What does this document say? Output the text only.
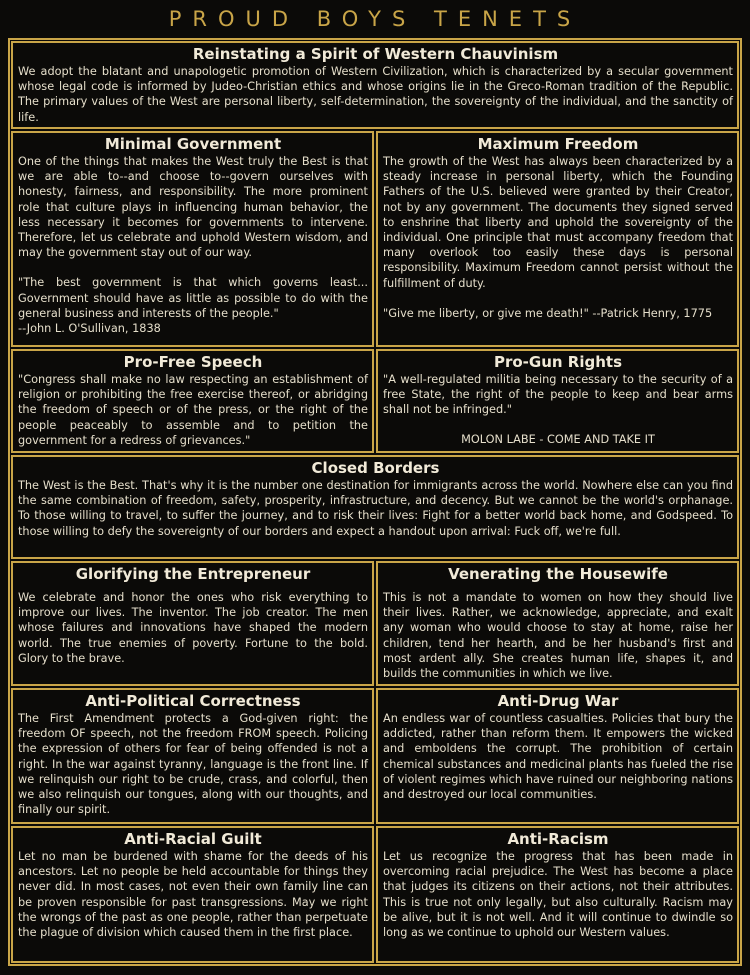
PROUD BOYS TENETS
Reinstating a Spirit of Western Chauvinism

We adopt the blatant and unapologetic promotion of Western Civilization, which is characterized by a secular government whose legal code is informed by Judeo-Christian ethics and whose origins lie in the Greco-Roman tradition of the Republic. The primary values of the West are personal liberty, self-determination, the sovereignty of the individual, and the sanctity of life.

Minimal Government

One of the things that makes the West truly the Best is that we are able to--and choose to--govern ourselves with honesty, fairness, and responsibility. The more prominent role that culture plays in influencing human behavior, the less necessary it becomes for governments to intervene. Therefore, let us celebrate and uphold Western wisdom, and may the government stay out of our way.

"The best government is that which governs least... Government should have as little as possible to do with the general business and interests of the people."

--John L. O'Sullivan, 1838

Maximum Freedom

The growth of the West has always been characterized by a steady increase in personal liberty, which the Founding Fathers of the U.S. believed were granted by their Creator, not by any government. The documents they signed served to enshrine that liberty and uphold the sovereignty of the individual. One principle that must accompany freedom that many overlook too easily these days is personal responsibility. Maximum Freedom cannot persist without the fulfillment of duty.

"Give me liberty, or give me death!" --Patrick Henry, 1775

Pro-Free Speech

"Congress shall make no law respecting an establishment of religion or prohibiting the free exercise thereof, or abridging the freedom of speech or of the press, or the right of the people peaceably to assemble and to petition the government for a redress of grievances."

Pro-Gun Rights

"A well-regulated militia being necessary to the security of a free State, the right of the people to keep and bear arms shall not be infringed."

MOLON LABE - COME AND TAKE IT

Closed Borders

The West is the Best. That's why it is the number one destination for immigrants across the world. Nowhere else can you find the same combination of freedom, safety, prosperity, infrastructure, and decency. But we cannot be the world's orphanage. To those willing to travel, to suffer the journey, and to risk their lives: Fight for a better world back home, and Godspeed. To those willing to defy the sovereignty of our borders and expect a handout upon arrival: Fuck off, we're full.

Glorifying the Entrepreneur

We celebrate and honor the ones who risk everything to improve our lives. The inventor. The job creator. The men whose failures and innovations have shaped the modern world. The true enemies of poverty. Fortune to the bold. Glory to the brave.

Venerating the Housewife

This is not a mandate to women on how they should live their lives. Rather, we acknowledge, appreciate, and exalt any woman who would choose to stay at home, raise her children, tend her hearth, and be her husband's first and most ardent ally. She creates human life, shapes it, and builds the communities in which we live.

Anti-Political Correctness

The First Amendment protects a God-given right: the freedom OF speech, not the freedom FROM speech. Policing the expression of others for fear of being offended is not a right. In the war against tyranny, language is the front line. If we relinquish our right to be crude, crass, and colorful, then we also relinquish our tongues, along with our thoughts, and finally our spirit.

Anti-Drug War

An endless war of countless casualties. Policies that bury the addicted, rather than reform them. It empowers the wicked and emboldens the corrupt. The prohibition of certain chemical substances and medicinal plants has fueled the rise of violent regimes which have ruined our neighboring nations and destroyed our local communities.

Anti-Racial Guilt

Let no man be burdened with shame for the deeds of his ancestors. Let no people be held accountable for things they never did. In most cases, not even their own family line can be proven responsible for past transgressions. May we right the wrongs of the past as one people, rather than perpetuate the plague of division which caused them in the first place.

Anti-Racism

Let us recognize the progress that has been made in overcoming racial prejudice. The West has become a place that judges its citizens on their actions, not their attributes. This is true not only legally, but also culturally. Racism may be alive, but it is not well. And it will continue to dwindle so long as we continue to uphold our Western values.
